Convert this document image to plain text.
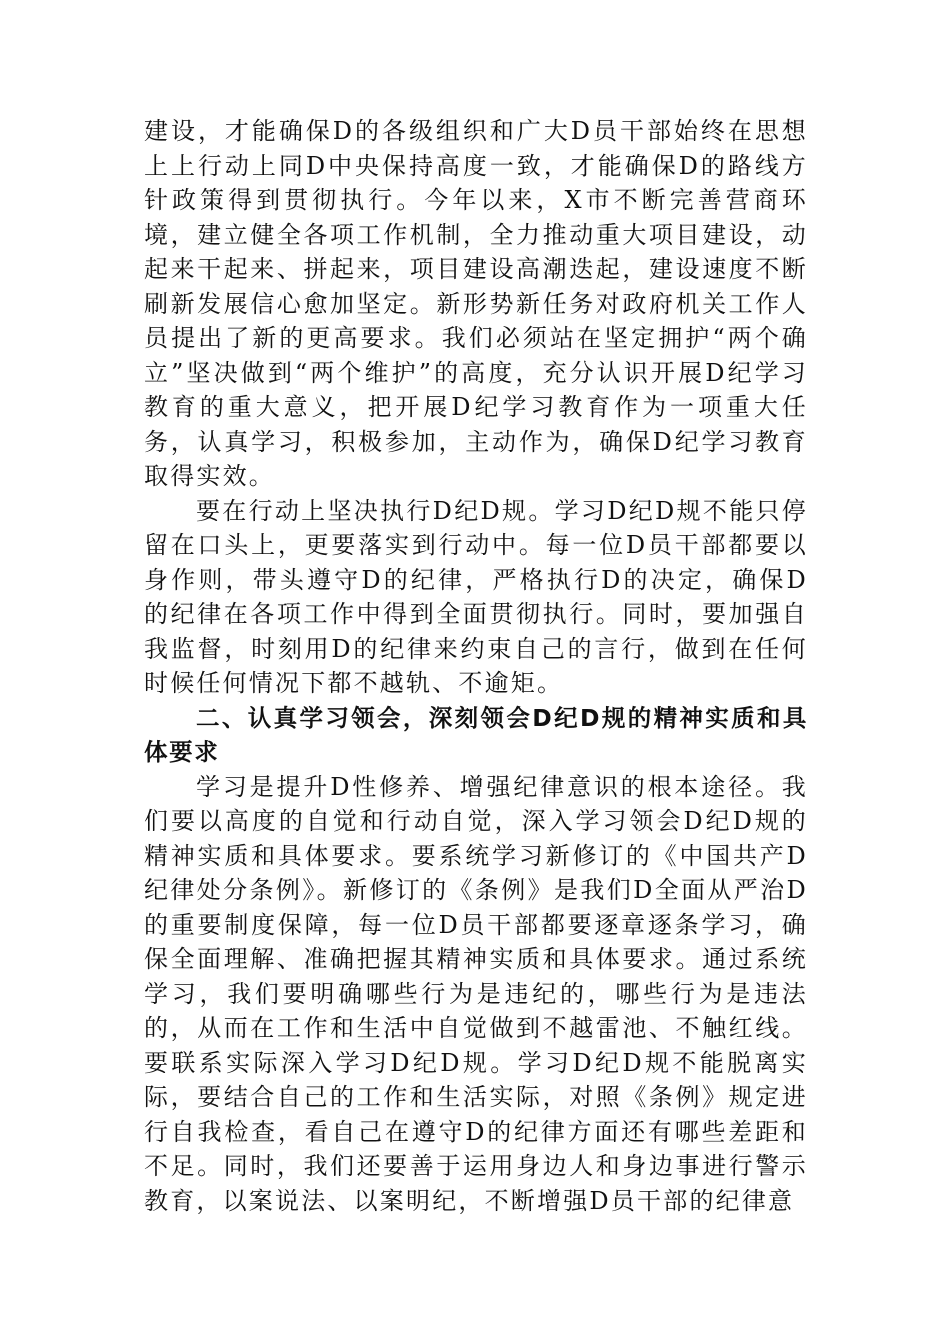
建设，才能确保D的各级组织和广大D员干部始终在思想上上行动上同D中央保持高度一致，才能确保D的路线方针政策得到贯彻执行。今年以来，X市不断完善营商环境，建立健全各项工作机制，全力推动重大项目建设，动起来干起来、拼起来，项目建设高潮迭起，建设速度不断刷新发展信心愈加坚定。新形势新任务对政府机关工作人员提出了新的更高要求。我们必须站在坚定拥护“两个确立”坚决做到“两个维护”的高度，充分认识开展D纪学习教育的重大意义，把开展D纪学习教育作为一项重大任务，认真学习，积极参加，主动作为，确保D纪学习教育取得实效。

要在行动上坚决执行D纪D规。学习D纪D规不能只停留在口头上，更要落实到行动中。每一位D员干部都要以身作则，带头遵守D的纪律，严格执行D的决定，确保D的纪律在各项工作中得到全面贯彻执行。同时，要加强自我监督，时刻用D的纪律来约束自己的言行，做到在任何时候任何情况下都不越轨、不逾矩。

二、认真学习领会，深刻领会D纪D规的精神实质和具体要求

学习是提升D性修养、增强纪律意识的根本途径。我们要以高度的自觉和行动自觉，深入学习领会D纪D规的精神实质和具体要求。要系统学习新修订的《中国共产D纪律处分条例》。新修订的《条例》是我们D全面从严治D的重要制度保障，每一位D员干部都要逐章逐条学习，确保全面理解、准确把握其精神实质和具体要求。通过系统学习，我们要明确哪些行为是违纪的，哪些行为是违法的，从而在工作和生活中自觉做到不越雷池、不触红线。要联系实际深入学习D纪D规。学习D纪D规不能脱离实际，要结合自己的工作和生活实际，对照《条例》规定进行自我检查，看自己在遵守D的纪律方面还有哪些差距和不足。同时，我们还要善于运用身边人和身边事进行警示教育，以案说法、以案明纪，不断增强D员干部的纪律意
